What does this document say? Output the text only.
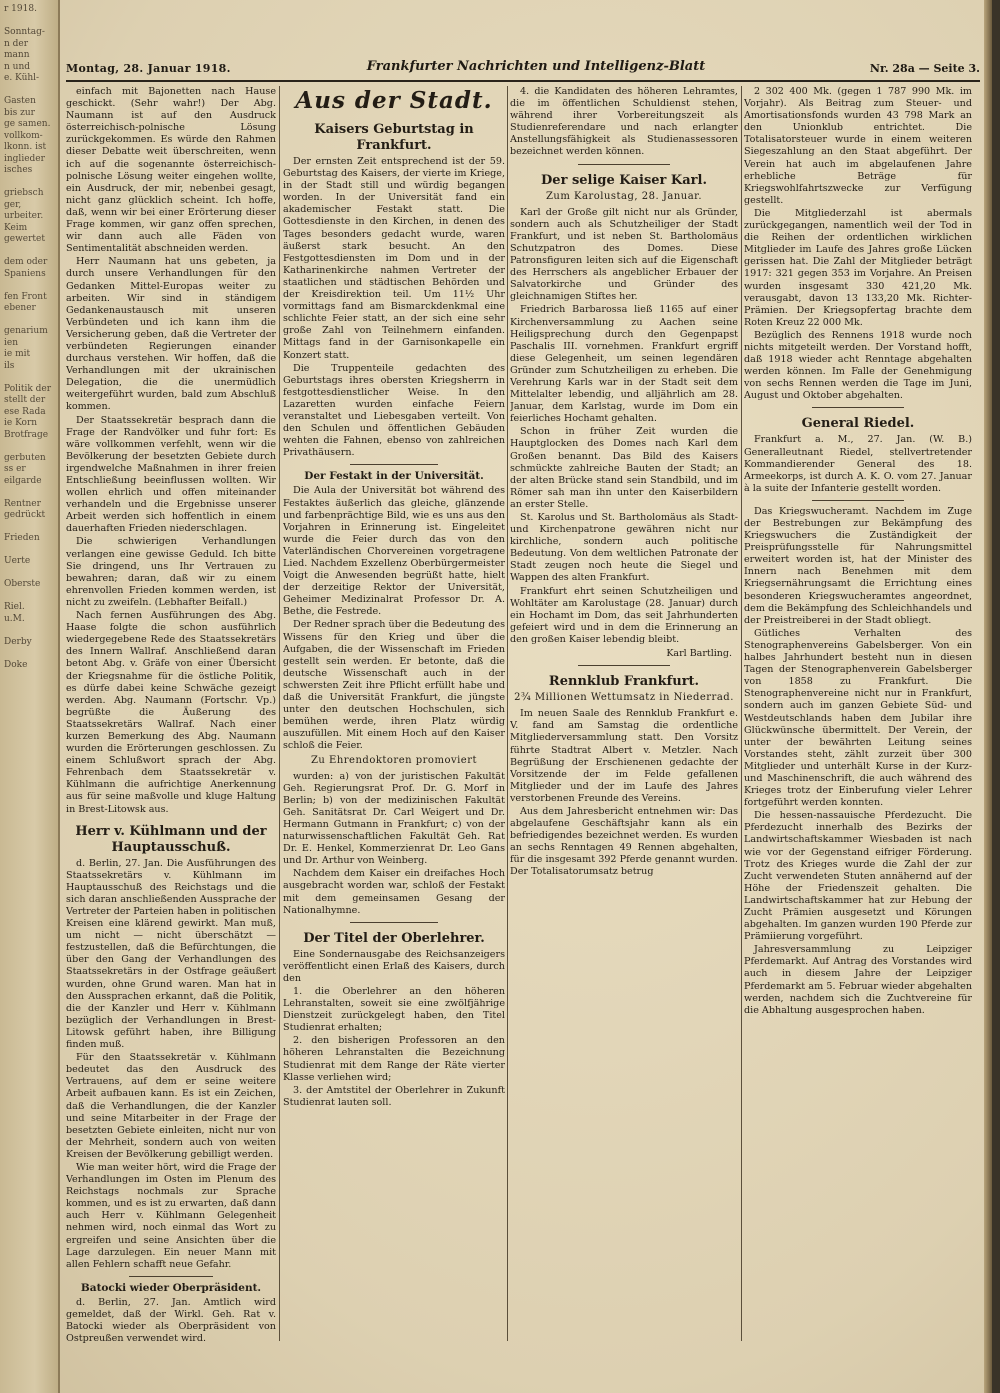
r 1918.

Sonntag-
n der
mann
n und
e. Kühl-

Gasten
bis zur
ge samen.
vollkom-
lkonn. ist
inglieder
isches

griebsch
ger,
urbeiter.
Keim
gewertet

dem oder
Spaniens

fen Front
ebener

genarium
ien
ie mit
ils

Politik der
stellt der
ese Rada
ie Korn
Brotfrage

gerbuten
ss er
eilgarde

Rentner
gedrückt

Frieden

Uerte

Oberste

Riel.
u.M.

Derby

Doke
Montag, 28. Januar 1918.	Frankfurter Nachrichten und Intelligenz-Blatt	Nr. 28a — Seite 3.

einfach mit Bajonetten nach Hause geschickt. (Sehr wahr!) Der Abg. Naumann ist auf den Ausdruck österreichisch-polnische Lösung zurückgekommen. Es würde den Rahmen dieser Debatte weit überschreiten, wenn ich auf die sogenannte österreichisch-polnische Lösung weiter eingehen wollte, ein Ausdruck, der mir, nebenbei gesagt, nicht ganz glücklich scheint. Ich hoffe, daß, wenn wir bei einer Erörterung dieser Frage kommen, wir ganz offen sprechen, wir dann auch alle Fäden von Sentimentalität abschneiden werden.

Herr Naumann hat uns gebeten, ja durch unsere Verhandlungen für den Gedanken Mittel-Europas weiter zu arbeiten. Wir sind in ständigem Gedankenaustausch mit unseren Verbündeten und ich kann ihm die Versicherung geben, daß die Vertreter der verbündeten Regierungen einander durchaus verstehen. Wir hoffen, daß die Verhandlungen mit der ukrainischen Delegation, die die unermüdlich weitergeführt wurden, bald zum Abschluß kommen.

Der Staatssekretär besprach dann die Frage der Randvölker und fuhr fort: Es wäre vollkommen verfehlt, wenn wir die Bevölkerung der besetzten Gebiete durch irgendwelche Maßnahmen in ihrer freien Entschließung beeinflussen wollten. Wir wollen ehrlich und offen miteinander verhandeln und die Ergebnisse unserer Arbeit werden sich hoffentlich in einem dauerhaften Frieden niederschlagen.

Die schwierigen Verhandlungen verlangen eine gewisse Geduld. Ich bitte Sie dringend, uns Ihr Vertrauen zu bewahren; daran, daß wir zu einem ehrenvollen Frieden kommen werden, ist nicht zu zweifeln. (Lebhafter Beifall.)

Nach fernen Ausführungen des Abg. Haase folgte die schon ausführlich wiedergegebene Rede des Staatssekretärs des Innern Wallraf. Anschließend daran betont Abg. v. Gräfe von einer Übersicht der Kriegsnahme für die östliche Politik, es dürfe dabei keine Schwäche gezeigt werden. Abg. Naumann (Fortschr. Vp.) begrüßte die Äußerung des Staatssekretärs Wallraf. Nach einer kurzen Bemerkung des Abg. Naumann wurden die Erörterungen geschlossen. Zu einem Schlußwort sprach der Abg. Fehrenbach dem Staatssekretär v. Kühlmann die aufrichtige Anerkennung aus für seine maßvolle und kluge Haltung in Brest-Litowsk aus.

Herr v. Kühlmann und der Hauptausschuß.

d. Berlin, 27. Jan. Die Ausführungen des Staatssekretärs v. Kühlmann im Hauptausschuß des Reichstags und die sich daran anschließenden Aussprache der Vertreter der Parteien haben in politischen Kreisen eine klärend gewirkt. Man muß, um nicht — nicht überschätzt — festzustellen, daß die Befürchtungen, die über den Gang der Verhandlungen des Staatssekretärs in der Ostfrage geäußert wurden, ohne Grund waren. Man hat in den Aussprachen erkannt, daß die Politik, die der Kanzler und Herr v. Kühlmann bezüglich der Verhandlungen in Brest-Litowsk geführt haben, ihre Billigung finden muß.

Für den Staatssekretär v. Kühlmann bedeutet das den Ausdruck des Vertrauens, auf dem er seine weitere Arbeit aufbauen kann. Es ist ein Zeichen, daß die Verhandlungen, die der Kanzler und seine Mitarbeiter in der Frage der besetzten Gebiete einleiten, nicht nur von der Mehrheit, sondern auch von weiten Kreisen der Bevölkerung gebilligt werden.

Wie man weiter hört, wird die Frage der Verhandlungen im Osten im Plenum des Reichstags nochmals zur Sprache kommen, und es ist zu erwarten, daß dann auch Herr v. Kühlmann Gelegenheit nehmen wird, noch einmal das Wort zu ergreifen und seine Ansichten über die Lage darzulegen. Ein neuer Mann mit allen Fehlern schafft neue Gefahr.

Batocki wieder Oberpräsident.

d. Berlin, 27. Jan. Amtlich wird gemeldet, daß der Wirkl. Geh. Rat v. Batocki wieder als Oberpräsident von Ostpreußen verwendet wird.

Aus der Stadt.
Kaisers Geburtstag in Frankfurt.

Der ernsten Zeit entsprechend ist der 59. Geburtstag des Kaisers, der vierte im Kriege, in der Stadt still und würdig begangen worden. In der Universität fand ein akademischer Festakt statt. Die Gottesdienste in den Kirchen, in denen des Tages besonders gedacht wurde, waren äußerst stark besucht. An den Festgottesdiensten im Dom und in der Katharinenkirche nahmen Vertreter der staatlichen und städtischen Behörden und der Kreisdirektion teil. Um 11½ Uhr vormittags fand am Bismarckdenkmal eine schlichte Feier statt, an der sich eine sehr große Zahl von Teilnehmern einfanden. Mittags fand in der Garnisonkapelle ein Konzert statt.

Die Truppenteile gedachten des Geburtstags ihres obersten Kriegsherrn in festgottesdienstlicher Weise. In den Lazaretten wurden einfache Feiern veranstaltet und Liebesgaben verteilt. Von den Schulen und öffentlichen Gebäuden wehten die Fahnen, ebenso von zahlreichen Privathäusern.

Der Festakt in der Universität.

Die Aula der Universität bot während des Festaktes äußerlich das gleiche, glänzende und farbenprächtige Bild, wie es uns aus den Vorjahren in Erinnerung ist. Eingeleitet wurde die Feier durch das von den Vaterländischen Chorvereinen vorgetragene Lied. Nachdem Exzellenz Oberbürgermeister Voigt die Anwesenden begrüßt hatte, hielt der derzeitige Rektor der Universität, Geheimer Medizinalrat Professor Dr. A. Bethe, die Festrede.

Der Redner sprach über die Bedeutung des Wissens für den Krieg und über die Aufgaben, die der Wissenschaft im Frieden gestellt sein werden. Er betonte, daß die deutsche Wissenschaft auch in der schwersten Zeit ihre Pflicht erfüllt habe und daß die Universität Frankfurt, die jüngste unter den deutschen Hochschulen, sich bemühen werde, ihren Platz würdig auszufüllen. Mit einem Hoch auf den Kaiser schloß die Feier.

Zu Ehrendoktoren promoviert

wurden: a) von der juristischen Fakultät Geh. Regierungsrat Prof. Dr. G. Morf in Berlin; b) von der medizinischen Fakultät Geh. Sanitätsrat Dr. Carl Weigert und Dr. Hermann Gutmann in Frankfurt; c) von der naturwissenschaftlichen Fakultät Geh. Rat Dr. E. Henkel, Kommerzienrat Dr. Leo Gans und Dr. Arthur von Weinberg.

Nachdem dem Kaiser ein dreifaches Hoch ausgebracht worden war, schloß der Festakt mit dem gemeinsamen Gesang der Nationalhymne.

Der Titel der Oberlehrer.

Eine Sondernausgabe des Reichsanzeigers veröffentlicht einen Erlaß des Kaisers, durch den

1. die Oberlehrer an den höheren Lehranstalten, soweit sie eine zwölfjährige Dienstzeit zurückgelegt haben, den Titel Studienrat erhalten;

2. den bisherigen Professoren an den höheren Lehranstalten die Bezeichnung Studienrat mit dem Range der Räte vierter Klasse verliehen wird;

3. der Amtstitel der Oberlehrer in Zukunft Studienrat lauten soll.

4. die Kandidaten des höheren Lehramtes, die im öffentlichen Schuldienst stehen, während ihrer Vorbereitungszeit als Studienreferendare und nach erlangter Anstellungsfähigkeit als Studienassessoren bezeichnet werden können.

Der selige Kaiser Karl.
Zum Karolustag, 28. Januar.

Karl der Große gilt nicht nur als Gründer, sondern auch als Schutzheiliger der Stadt Frankfurt, und ist neben St. Bartholomäus Schutzpatron des Domes. Diese Patronsfiguren leiten sich auf die Eigenschaft des Herrschers als angeblicher Erbauer der Salvatorkirche und Gründer des gleichnamigen Stiftes her.

Friedrich Barbarossa ließ 1165 auf einer Kirchenversammlung zu Aachen seine Heiligsprechung durch den Gegenpapst Paschalis III. vornehmen. Frankfurt ergriff diese Gelegenheit, um seinen legendären Gründer zum Schutzheiligen zu erheben. Die Verehrung Karls war in der Stadt seit dem Mittelalter lebendig, und alljährlich am 28. Januar, dem Karlstag, wurde im Dom ein feierliches Hochamt gehalten.

Schon in früher Zeit wurden die Hauptglocken des Domes nach Karl dem Großen benannt. Das Bild des Kaisers schmückte zahlreiche Bauten der Stadt; an der alten Brücke stand sein Standbild, und im Römer sah man ihn unter den Kaiserbildern an erster Stelle.

St. Karolus und St. Bartholomäus als Stadt- und Kirchenpatrone gewähren nicht nur kirchliche, sondern auch politische Bedeutung. Von dem weltlichen Patronate der Stadt zeugen noch heute die Siegel und Wappen des alten Frankfurt.

Frankfurt ehrt seinen Schutzheiligen und Wohltäter am Karolustage (28. Januar) durch ein Hochamt im Dom, das seit Jahrhunderten gefeiert wird und in dem die Erinnerung an den großen Kaiser lebendig bleibt.

Karl Bartling.
Rennklub Frankfurt.
2¾ Millionen Wettumsatz in Niederrad.

Im neuen Saale des Rennklub Frankfurt e. V. fand am Samstag die ordentliche Mitgliederversammlung statt. Den Vorsitz führte Stadtrat Albert v. Metzler. Nach Begrüßung der Erschienenen gedachte der Vorsitzende der im Felde gefallenen Mitglieder und der im Laufe des Jahres verstorbenen Freunde des Vereins.

Aus dem Jahresbericht entnehmen wir: Das abgelaufene Geschäftsjahr kann als ein befriedigendes bezeichnet werden. Es wurden an sechs Renntagen 49 Rennen abgehalten, für die insgesamt 392 Pferde genannt wurden. Der Totalisatorumsatz betrug

2 302 400 Mk. (gegen 1 787 990 Mk. im Vorjahr). Als Beitrag zum Steuer- und Amortisationsfonds wurden 43 798 Mark an den Unionklub entrichtet. Die Totalisatorsteuer wurde in einem weiteren Siegeszahlung an den Staat abgeführt. Der Verein hat auch im abgelaufenen Jahre erhebliche Beträge für Kriegswohlfahrtszwecke zur Verfügung gestellt.

Die Mitgliederzahl ist abermals zurückgegangen, namentlich weil der Tod in die Reihen der ordentlichen wirklichen Mitglieder im Laufe des Jahres große Lücken gerissen hat. Die Zahl der Mitglieder beträgt 1917: 321 gegen 353 im Vorjahre. An Preisen wurden insgesamt 330 421,20 Mk. verausgabt, davon 13 133,20 Mk. Richter-Prämien. Der Kriegsopfertag brachte dem Roten Kreuz 22 000 Mk.

Bezüglich des Rennens 1918 wurde noch nichts mitgeteilt werden. Der Vorstand hofft, daß 1918 wieder acht Renntage abgehalten werden können. Im Falle der Genehmigung von sechs Rennen werden die Tage im Juni, August und Oktober abgehalten.

General Riedel.

Frankfurt a. M., 27. Jan. (W. B.) Generalleutnant Riedel, stellvertretender Kommandierender General des 18. Armeekorps, ist durch A. K. O. vom 27. Januar à la suite der Infanterie gestellt worden.

Das Kriegswucheramt. Nachdem im Zuge der Bestrebungen zur Bekämpfung des Kriegswuchers die Zuständigkeit der Preisprüfungsstelle für Nahrungsmittel erweitert worden ist, hat der Minister des Innern nach Benehmen mit dem Kriegsernährungsamt die Errichtung eines besonderen Kriegswucheramtes angeordnet, dem die Bekämpfung des Schleichhandels und der Preistreiberei in der Stadt obliegt.

Gütliches Verhalten des Stenographenvereins Gabelsberger. Von ein halbes Jahrhundert besteht nun in diesen Tagen der Stenographenverein Gabelsberger von 1858 zu Frankfurt. Die Stenographenvereine nicht nur in Frankfurt, sondern auch im ganzen Gebiete Süd- und Westdeutschlands haben dem Jubilar ihre Glückwünsche übermittelt. Der Verein, der unter der bewährten Leitung seines Vorstandes steht, zählt zurzeit über 300 Mitglieder und unterhält Kurse in der Kurz- und Maschinenschrift, die auch während des Krieges trotz der Einberufung vieler Lehrer fortgeführt werden konnten.

Die hessen-nassauische Pferdezucht. Die Pferdezucht innerhalb des Bezirks der Landwirtschaftskammer Wiesbaden ist nach wie vor der Gegenstand eifriger Förderung. Trotz des Krieges wurde die Zahl der zur Zucht verwendeten Stuten annähernd auf der Höhe der Friedenszeit gehalten. Die Landwirtschaftskammer hat zur Hebung der Zucht Prämien ausgesetzt und Körungen abgehalten. Im ganzen wurden 190 Pferde zur Prämiierung vorgeführt.

Jahresversammlung zu Leipziger Pferdemarkt. Auf Antrag des Vorstandes wird auch in diesem Jahre der Leipziger Pferdemarkt am 5. Februar wieder abgehalten werden, nachdem sich die Zuchtvereine für die Abhaltung ausgesprochen haben.
